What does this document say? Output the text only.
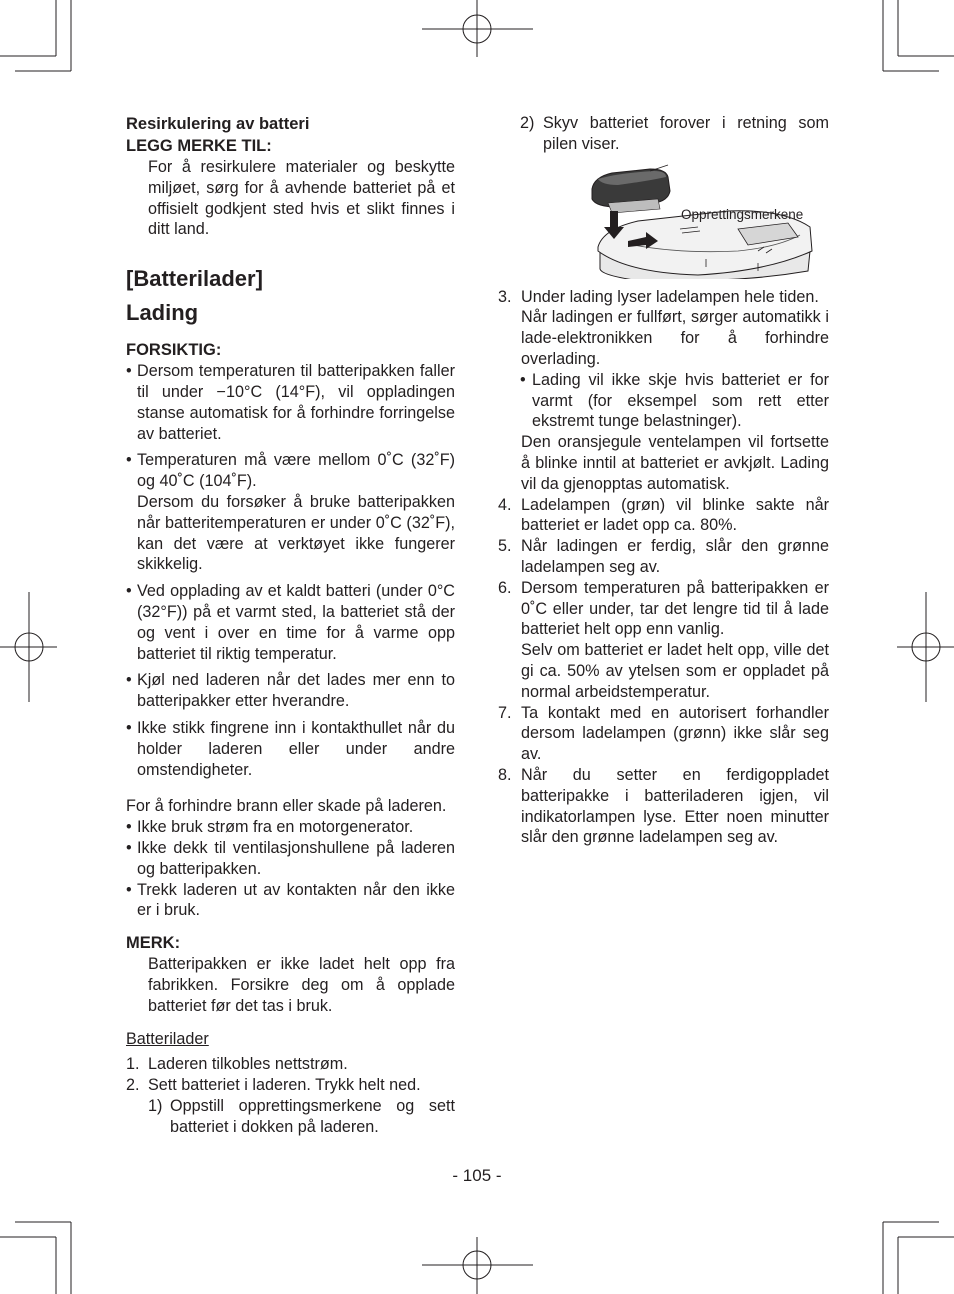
Resirkulering av batteri
LEGG MERKE TIL:
For å resirkulere materialer og beskytte miljøet, sørg for å avhende batteriet på et offisielt godkjent sted hvis et slikt finnes i ditt land.
[Batterilader]
Lading
FORSIKTIG:
• Dersom temperaturen til batteripakken faller til under −10°C (14°F), vil oppladingen stanse automatisk for å forhindre forringelse av batteriet.
• Temperaturen må være mellom 0˚C (32˚F) og 40˚C (104˚F).
Dersom du forsøker å bruke batteripakken når batteritemperaturen er under 0˚C (32˚F), kan det være at verktøyet ikke fungerer skikkelig.
• Ved opplading av et kaldt batteri (under 0°C (32°F)) på et varmt sted, la batteriet stå der og vent i over en time for å varme opp batteriet til riktig temperatur.
• Kjøl ned laderen når det lades mer enn to batteripakker etter hverandre.
• Ikke stikk fingrene inn i kontakthullet når du holder laderen eller under andre omstendigheter.
For å forhindre brann eller skade på laderen.
• Ikke bruk strøm fra en motorgenerator.
• Ikke dekk til ventilasjonshullene på laderen og batteripakken.
• Trekk laderen ut av kontakten når den ikke er i bruk.
MERK:
Batteripakken er ikke ladet helt opp fra fabrikken. Forsikre deg om å opplade batteriet før det tas i bruk.
Batterilader
1. Laderen tilkobles nettstrøm.
2. Sett batteriet i laderen. Trykk helt ned.
1) Oppstill opprettingsmerkene og sett batteriet i dokken på laderen.
2) Skyv batteriet forover i retning som pilen viser.
Opprettingsmerkene
3. Under lading lyser ladelampen hele tiden.
Når ladingen er fullført, sørger automatikk i lade-elektronikken for å forhindre overlading.
• Lading vil ikke skje hvis batteriet er for varmt (for eksempel som rett etter ekstremt tunge belastninger).
Den oransjegule ventelampen vil fortsette å blinke inntil at batteriet er avkjølt. Lading vil da gjenopptas automatisk.
4. Ladelampen (grøn) vil blinke sakte når batteriet er ladet opp ca. 80%.
5. Når ladingen er ferdig, slår den grønne ladelampen seg av.
6. Dersom temperaturen på batteripakken er 0˚C eller under, tar det lengre tid til å lade batteriet helt opp enn vanlig.
Selv om batteriet er ladet helt opp, ville det gi ca. 50% av ytelsen som er oppladet på normal arbeidstemperatur.
7. Ta kontakt med en autorisert forhandler dersom ladelampen (grønn) ikke slår seg av.
8. Når du setter en ferdigoppladet batteripakke i batteriladeren igjen, vil indikatorlampen lyse. Etter noen minutter slår den grønne ladelampen seg av.
- 105 -
